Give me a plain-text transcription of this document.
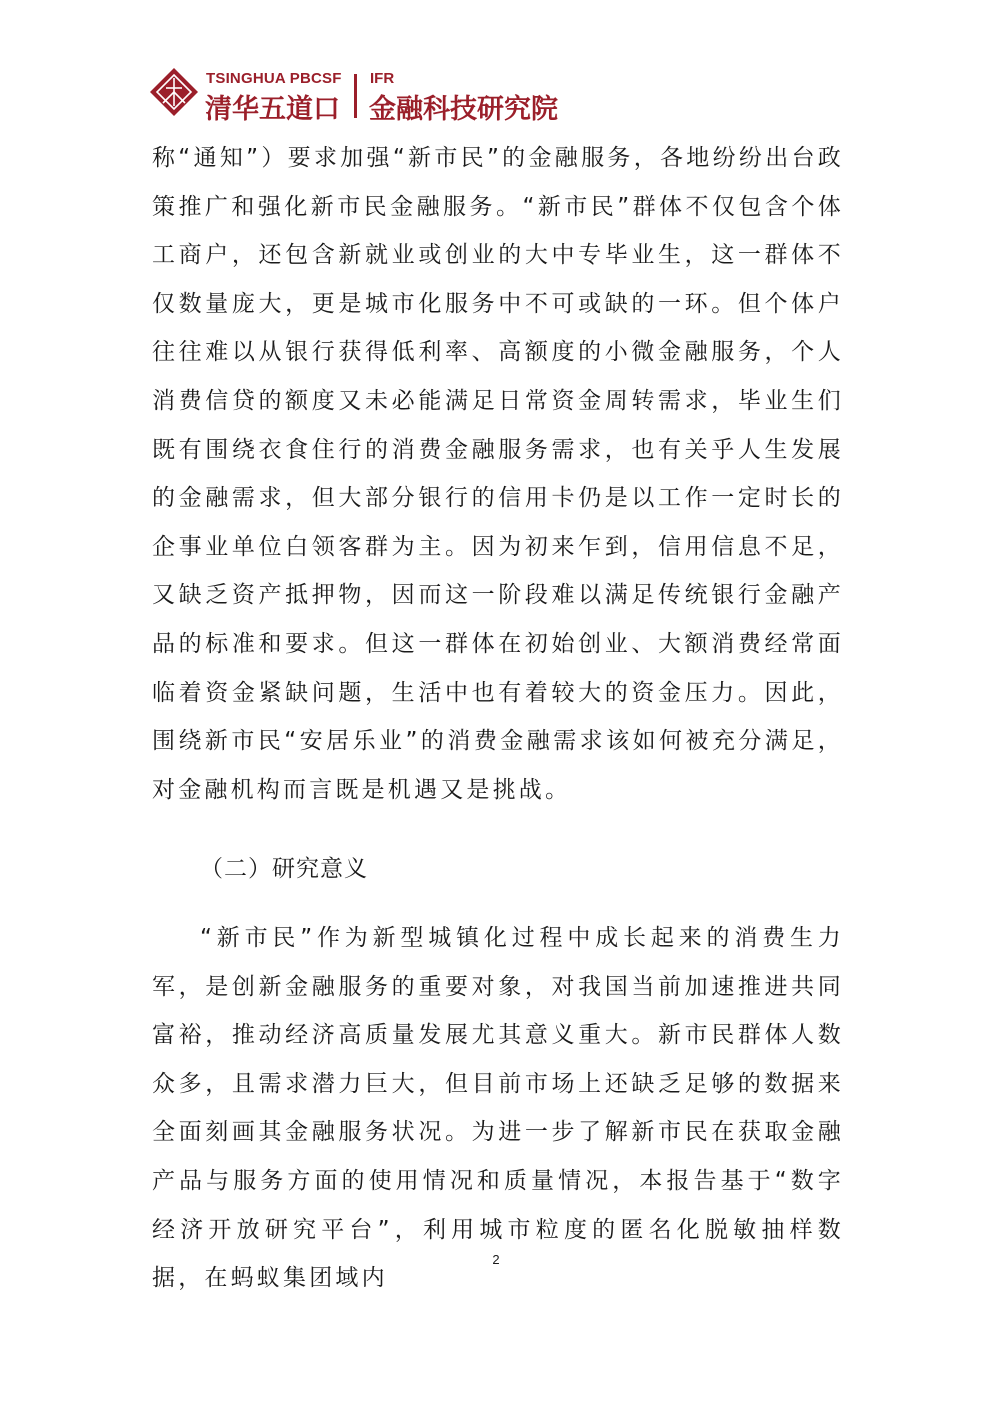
TSINGHUA PBCSF
清华五道口
IFR
金融科技研究院

称“通知”）要求加强“新市民”的金融服务，各地纷纷出台政策推广和强化新市民金融服务。“新市民”群体不仅包含个体工商户，还包含新就业或创业的大中专毕业生，这一群体不仅数量庞大，更是城市化服务中不可或缺的一环。但个体户往往难以从银行获得低利率、高额度的小微金融服务，个人消费信贷的额度又未必能满足日常资金周转需求，毕业生们既有围绕衣食住行的消费金融服务需求，也有关乎人生发展的金融需求，但大部分银行的信用卡仍是以工作一定时长的企事业单位白领客群为主。因为初来乍到，信用信息不足，又缺乏资产抵押物，因而这一阶段难以满足传统银行金融产品的标准和要求。但这一群体在初始创业、大额消费经常面临着资金紧缺问题，生活中也有着较大的资金压力。因此，围绕新市民“安居乐业”的消费金融需求该如何被充分满足，对金融机构而言既是机遇又是挑战。

（二）研究意义

“新市民”作为新型城镇化过程中成长起来的消费生力军，是创新金融服务的重要对象，对我国当前加速推进共同富裕，推动经济高质量发展尤其意义重大。新市民群体人数众多，且需求潜力巨大，但目前市场上还缺乏足够的数据来全面刻画其金融服务状况。为进一步了解新市民在获取金融产品与服务方面的使用情况和质量情况，本报告基于“数字经济开放研究平台”，利用城市粒度的匿名化脱敏抽样数据，在蚂蚁集团域内

2
